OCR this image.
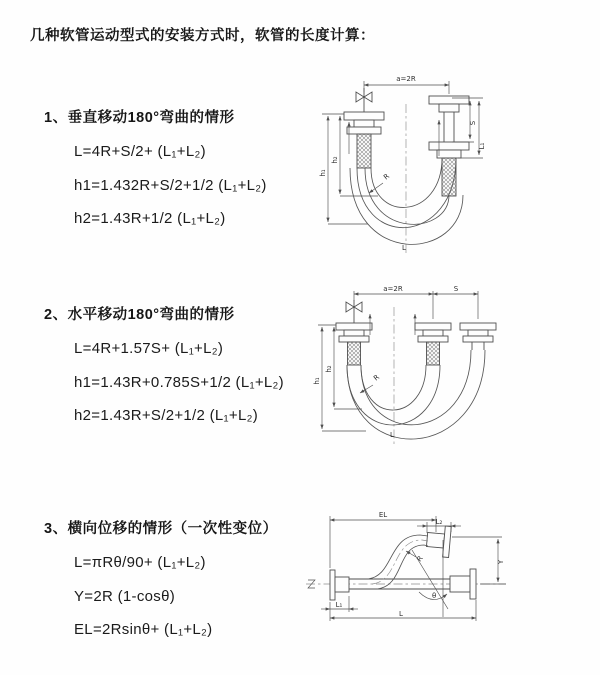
几种软管运动型式的安装方式时，软管的长度计算：
1、垂直移动180°弯曲的情形
L=4R+S/2+ (L₁+L₂)
h1=1.432R+S/2+1/2 (L₁+L₂)
h2=1.43R+1/2 (L₁+L₂)
a=2R
S
L₁
h₁
h₂
R
L
2、水平移动180°弯曲的情形
L=4R+1.57S+ (L₁+L₂)
h1=1.43R+0.785S+1/2 (L₁+L₂)
h2=1.43R+S/2+1/2 (L₁+L₂)
a=2R	S
h₁
h₂
R
L
3、横向位移的情形（一次性变位）
L=πRθ/90+ (L₁+L₂)
Y=2R (1-cosθ)
EL=2Rsinθ+ (L₁+L₂)
θ
EL
L₂
Y
L
L₁
R
